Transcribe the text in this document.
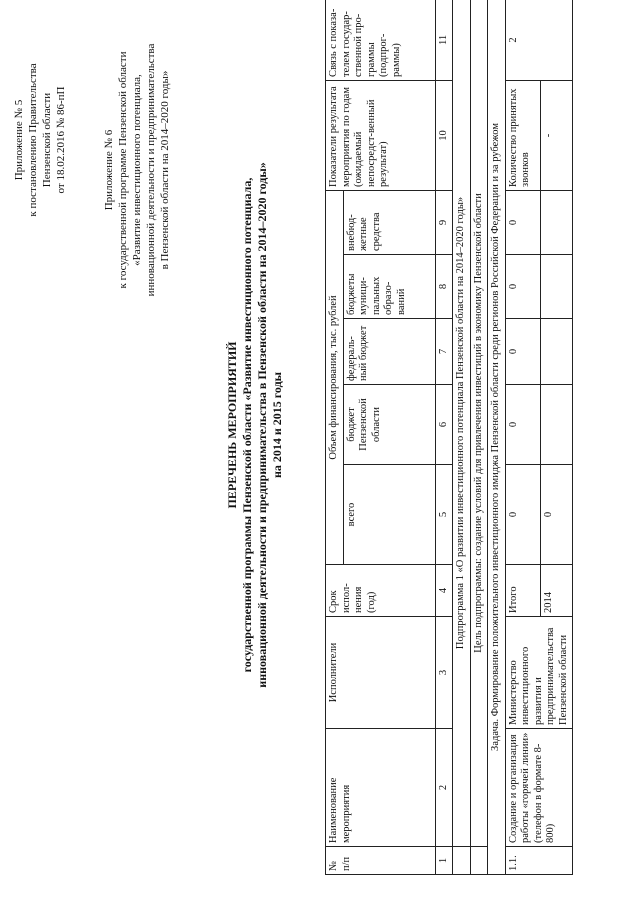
Приложение № 5 к постановлению Правительства Пензенской области от 18.02.2016 № 86-пП	Приложение № 6 к государственной программе Пензенской области «Развитие инвестиционного потенциала, инновационной деятельности и предпринимательства в Пензенской области на 2014–2020 годы»
ПЕРЕЧЕНЬ МЕРОПРИЯТИЙ государственной программы Пензенской области «Развитие инвестиционного потенциала, инновационной деятельности и предпринимательства в Пензенской области на 2014–2020 годы» на 2014 и 2015 годы
№ п/п	Наименование мероприятия	Исполнители	Срок испол-нения (год)	Объем финансирования, тыс. рублей					Показатели результата мероприятия по годам (ожидаемый непосредст-венный результат)	Связь с показа-телем государ-ственной про-граммы (подпрог-раммы)
				всего	бюджет Пензенской области	федераль-ный бюджет	бюджеты муници-пальных образо-ваний	внебюд-жетные средства		
1	2	3	4	5	6	7	8	9	10	11
	Подпрограмма 1 «О развитии инвестиционного потенциала Пензенской области на 2014–2020 годы»									
	Цель подпрограммы: создание условий для привлечения инвестиций в экономику Пензенской области									
Задача. Формирование положительного инвестиционного имиджа Пензенской области среди регионов Российской Федерации и за рубежом										
1.1.	Создание и организация работы «горячей линии» (телефон в формате 8-800)	Министерство инвестиционного развития и предпринимательства Пензенской области	Итого	0	0	0	0	0	Количество принятых звонков	2
			2014	0					-	
